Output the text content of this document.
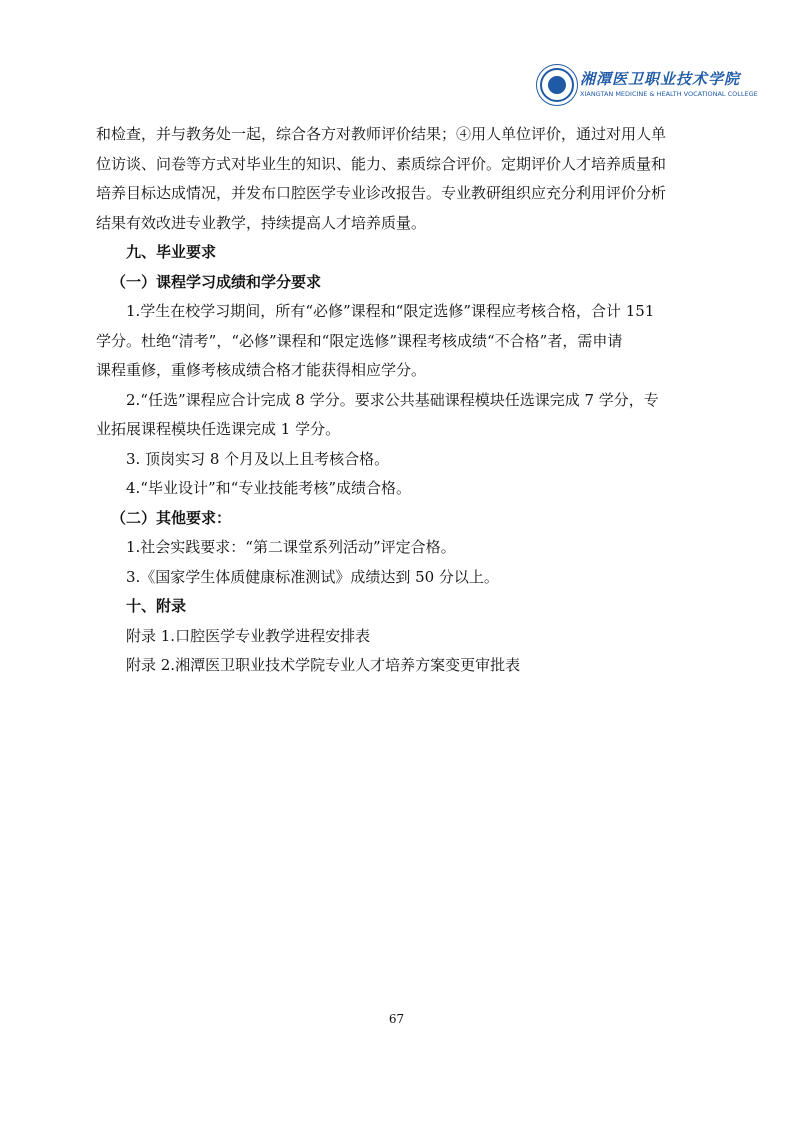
湘潭医卫职业技术学院
XIANGTAN MEDICINE & HEALTH VOCATIONAL COLLEGE

和检查，并与教务处一起，综合各方对教师评价结果；④用人单位评价，通过对用人单

位访谈、问卷等方式对毕业生的知识、能力、素质综合评价。定期评价人才培养质量和

培养目标达成情况，并发布口腔医学专业诊改报告。专业教研组织应充分利用评价分析

结果有效改进专业教学，持续提高人才培养质量。

九、毕业要求

（一）课程学习成绩和学分要求

1.学生在校学习期间，所有“必修”课程和“限定选修”课程应考核合格，合计 151

学分。杜绝“清考”，“必修”课程和“限定选修”课程考核成绩“不合格”者，需申请

课程重修，重修考核成绩合格才能获得相应学分。

2.“任选”课程应合计完成 8 学分。要求公共基础课程模块任选课完成 7 学分，专

业拓展课程模块任选课完成 1 学分。

3. 顶岗实习 8 个月及以上且考核合格。

4.“毕业设计”和“专业技能考核”成绩合格。

（二）其他要求：

1.社会实践要求：“第二课堂系列活动”评定合格。

3.《国家学生体质健康标准测试》成绩达到 50 分以上。

十、附录

附录 1.口腔医学专业教学进程安排表

附录 2.湘潭医卫职业技术学院专业人才培养方案变更审批表

67
